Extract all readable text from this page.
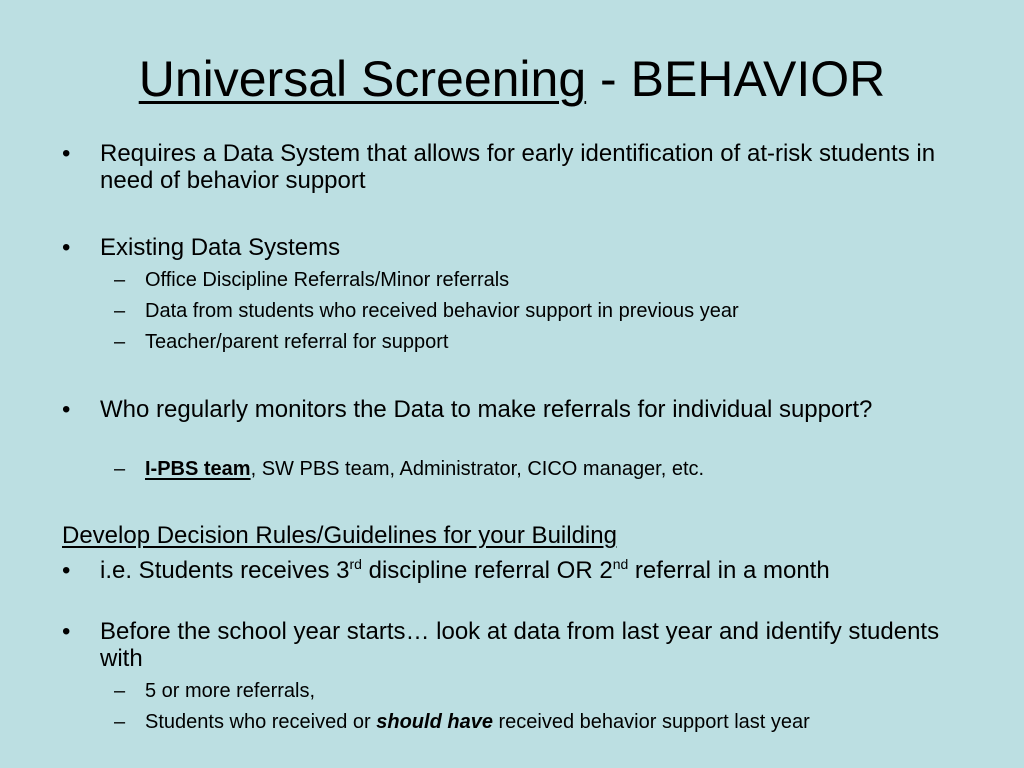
Universal Screening - BEHAVIOR
• Requires a Data System that allows for early identification of at-risk students in need of behavior support
• Existing Data Systems
– Office Discipline Referrals/Minor referrals
– Data from students who received behavior support in previous year
– Teacher/parent referral for support
• Who regularly monitors the Data to make referrals for individual support?
– I-PBS team, SW PBS team, Administrator, CICO manager, etc.
Develop Decision Rules/Guidelines for your Building
• i.e. Students receives 3rd discipline referral OR 2nd referral in a month
• Before the school year starts… look at data from last year and identify students with
– 5 or more referrals,
– Students who received or should have received behavior support last year
